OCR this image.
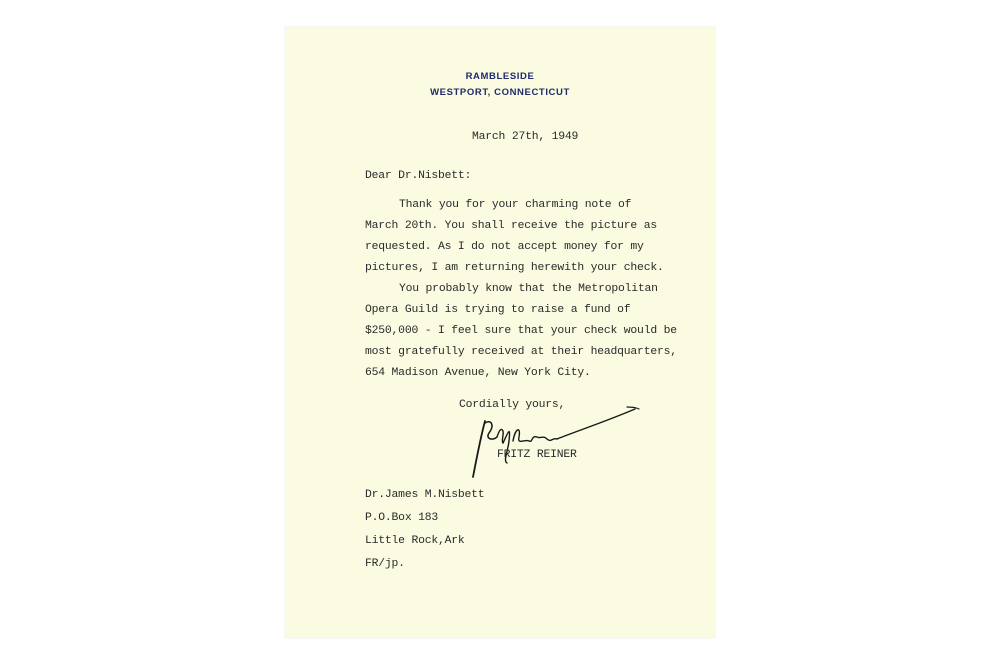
RAMBLESIDE
WESTPORT, CONNECTICUT
March 27th, 1949
Dear Dr.Nisbett:
Thank you for your charming note of
March 20th. You shall receive the picture as
requested. As I do not accept money for my
pictures, I am returning herewith your check.
You probably know that the Metropolitan
Opera Guild is trying to raise a fund of
$250,000 - I feel sure that your check would be
most gratefully received at their headquarters,
654 Madison Avenue, New York City.
Cordially yours,
FRITZ REINER
Dr.James M.Nisbett
P.O.Box 183
Little Rock,Ark
FR/jp.
